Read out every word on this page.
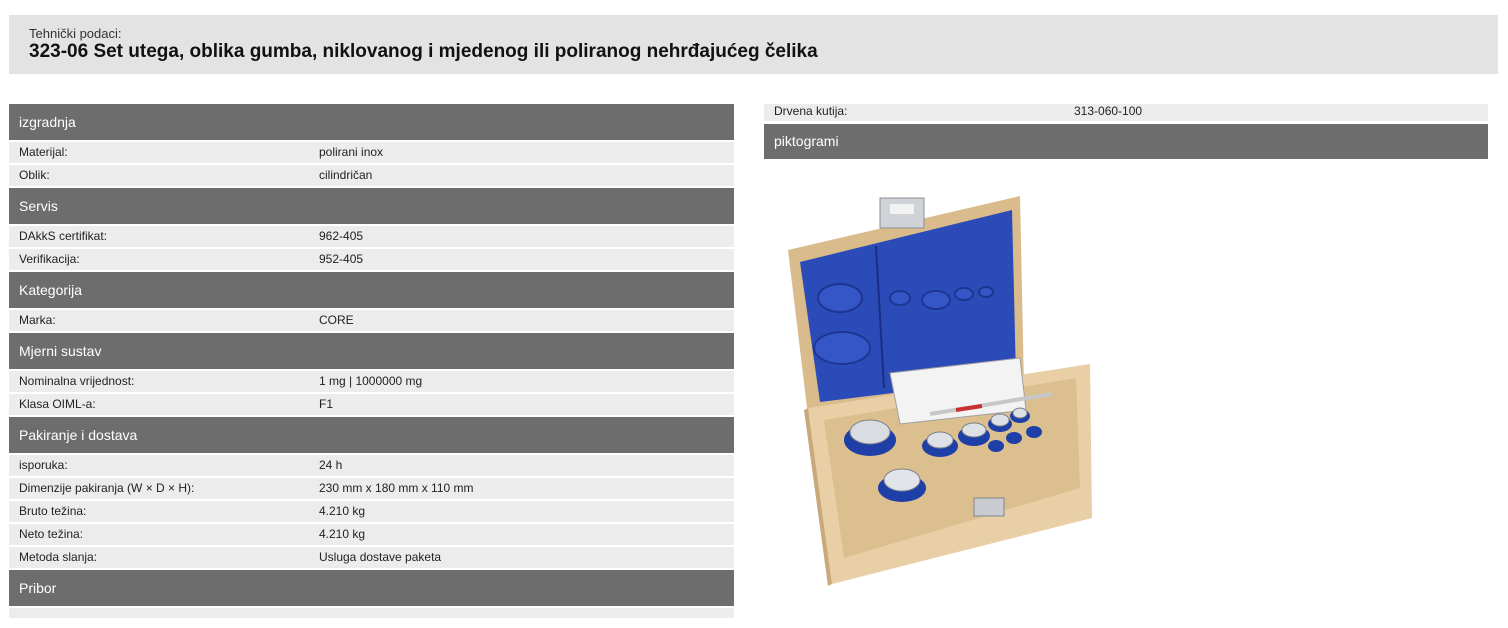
Tehnički podaci:
323-06 Set utega, oblika gumba, niklovanog i mjedenog ili poliranog nehrđajućeg čelika
izgradnja
Materijal:	polirani inox
Oblik:	cilindričan
Servis
DAkkS certifikat:	962-405
Verifikacija:	952-405
Kategorija
Marka:	CORE
Mjerni sustav
Nominalna vrijednost:	1 mg | 1000000 mg
Klasa OIML-a:	F1
Pakiranje i dostava
isporuka:	24 h
Dimenzije pakiranja (W × D × H):	230 mm x 180 mm x 110 mm
Bruto težina:	4.210 kg
Neto težina:	4.210 kg
Metoda slanja:	Usluga dostave paketa
Pribor
Drvena kutija:	313-060-100
piktogrami
